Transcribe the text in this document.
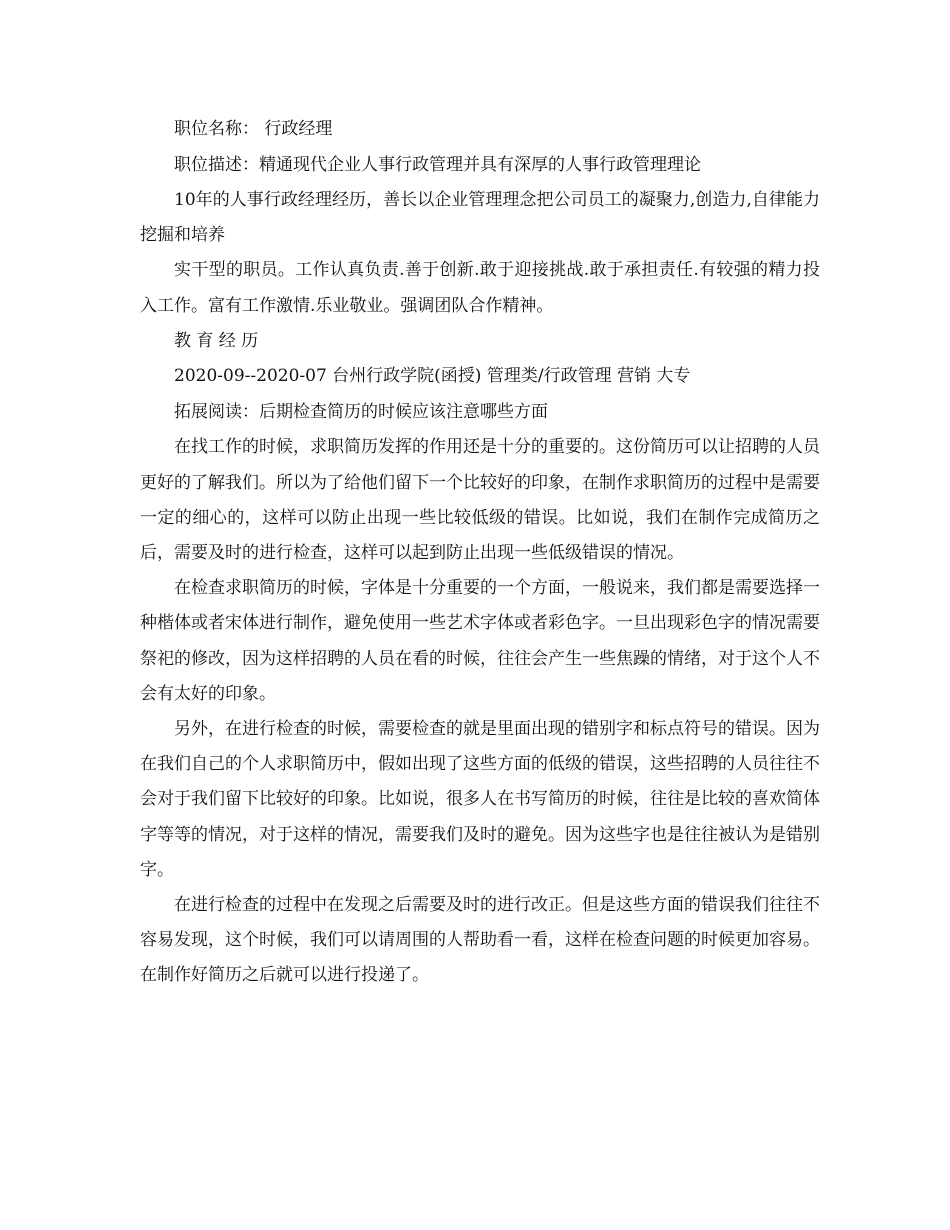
职位名称： 行政经理

职位描述：精通现代企业人事行政管理并具有深厚的人事行政管理理论

10年的人事行政经理经历，善长以企业管理理念把公司员工的凝聚力,创造力,自律能力挖掘和培养

实干型的职员。工作认真负责.善于创新.敢于迎接挑战.敢于承担责任.有较强的精力投入工作。富有工作激情.乐业敬业。强调团队合作精神。

教 育 经 历

2020-09--2020-07 台州行政学院(函授) 管理类/行政管理 营销 大专

拓展阅读：后期检查简历的时候应该注意哪些方面

在找工作的时候，求职简历发挥的作用还是十分的重要的。这份简历可以让招聘的人员更好的了解我们。所以为了给他们留下一个比较好的印象，在制作求职简历的过程中是需要一定的细心的，这样可以防止出现一些比较低级的错误。比如说，我们在制作完成简历之后，需要及时的进行检查，这样可以起到防止出现一些低级错误的情况。

在检查求职简历的时候，字体是十分重要的一个方面，一般说来，我们都是需要选择一种楷体或者宋体进行制作，避免使用一些艺术字体或者彩色字。一旦出现彩色字的情况需要祭祀的修改，因为这样招聘的人员在看的时候，往往会产生一些焦躁的情绪，对于这个人不会有太好的印象。

另外，在进行检查的时候，需要检查的就是里面出现的错别字和标点符号的错误。因为在我们自己的个人求职简历中，假如出现了这些方面的低级的错误，这些招聘的人员往往不会对于我们留下比较好的印象。比如说，很多人在书写简历的时候，往往是比较的喜欢简体字等等的情况，对于这样的情况，需要我们及时的避免。因为这些字也是往往被认为是错别字。

在进行检查的过程中在发现之后需要及时的进行改正。但是这些方面的错误我们往往不容易发现，这个时候，我们可以请周围的人帮助看一看，这样在检查问题的时候更加容易。在制作好简历之后就可以进行投递了。
